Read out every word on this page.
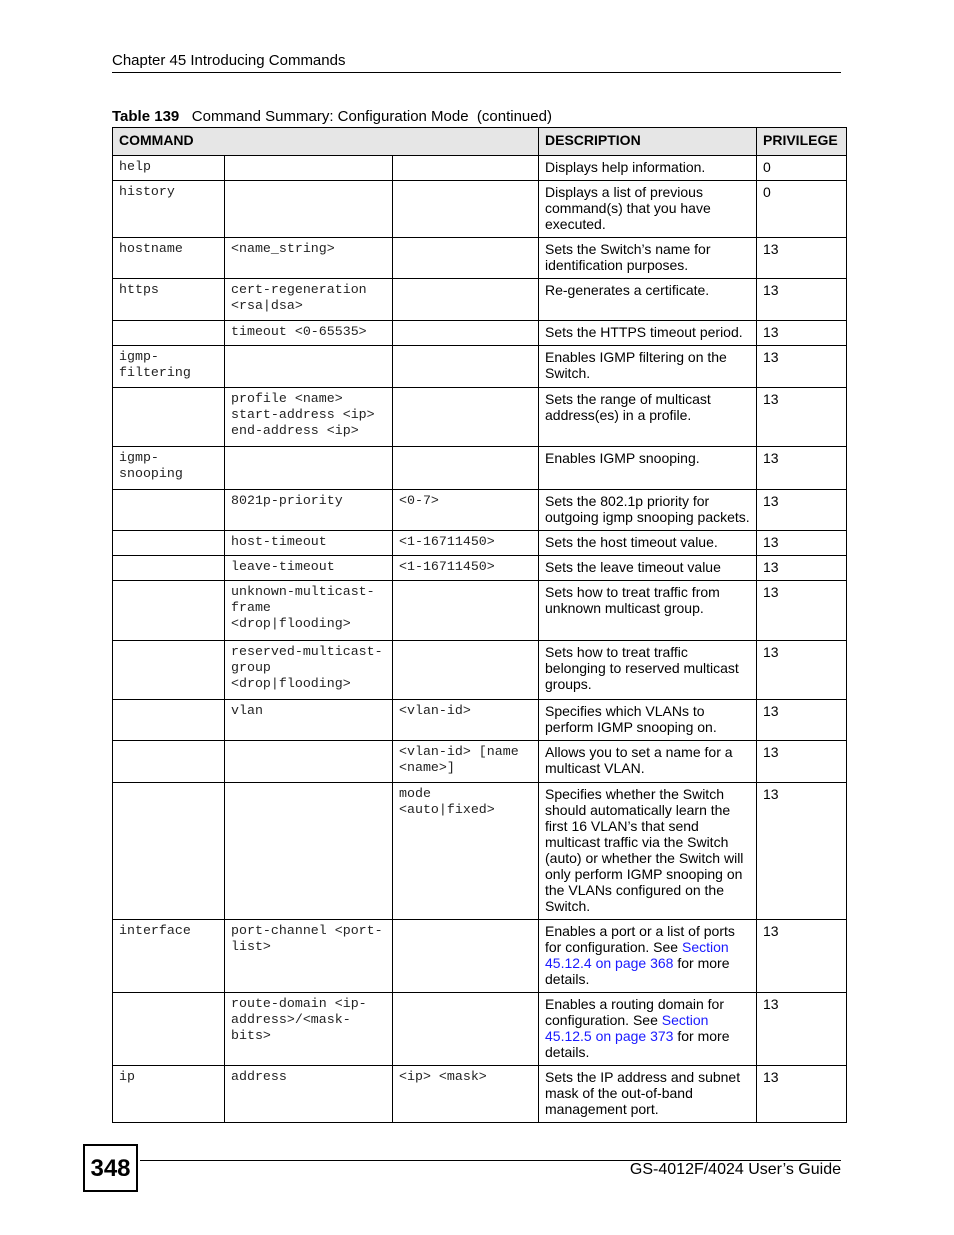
Chapter 45 Introducing Commands
Table 139 Command Summary: Configuration Mode  (continued)
COMMAND			DESCRIPTION	PRIVILEGE
help			Displays help information.	0
history			Displays a list of previous command(s) that you have executed.	0
hostname	<name_string>		Sets the Switch’s name for identification purposes.	13
https	cert-regeneration <rsa|dsa>		Re-generates a certificate.	13
	timeout <0-65535>		Sets the HTTPS timeout period.	13
igmp-filtering			Enables IGMP filtering on the Switch.	13
	profile <name> start-address <ip> end-address <ip>		Sets the range of multicast address(es) in a profile.	13
igmp-snooping			Enables IGMP snooping.	13
	8021p-priority	<0-7>	Sets the 802.1p priority for outgoing igmp snooping packets.	13
	host-timeout	<1-16711450>	Sets the host timeout value.	13
	leave-timeout	<1-16711450>	Sets the leave timeout value	13
	unknown-multicast-frame <drop|flooding>		Sets how to treat traffic from unknown multicast group.	13
	reserved-multicast-group <drop|flooding>		Sets how to treat traffic belonging to reserved multicast groups.	13
	vlan	<vlan-id>	Specifies which VLANs to perform IGMP snooping on.	13
		<vlan-id> [name <name>]	Allows you to set a name for a multicast VLAN.	13
		mode <auto|fixed>	Specifies whether the Switch should automatically learn the first 16 VLAN’s that send multicast traffic via the Switch (auto) or whether the Switch will only perform IGMP snooping on the VLANs configured on the Switch.	13
interface	port-channel <port-list>		Enables a port or a list of ports for configuration. See Section 45.12.4 on page 368 for more details.	13
	route-domain <ip-address>/<mask-bits>		Enables a routing domain for configuration. See Section 45.12.5 on page 373 for more details.	13
ip	address	<ip> <mask>	Sets the IP address and subnet mask of the out-of-band management port.	13
348	GS-4012F/4024 User’s Guide
